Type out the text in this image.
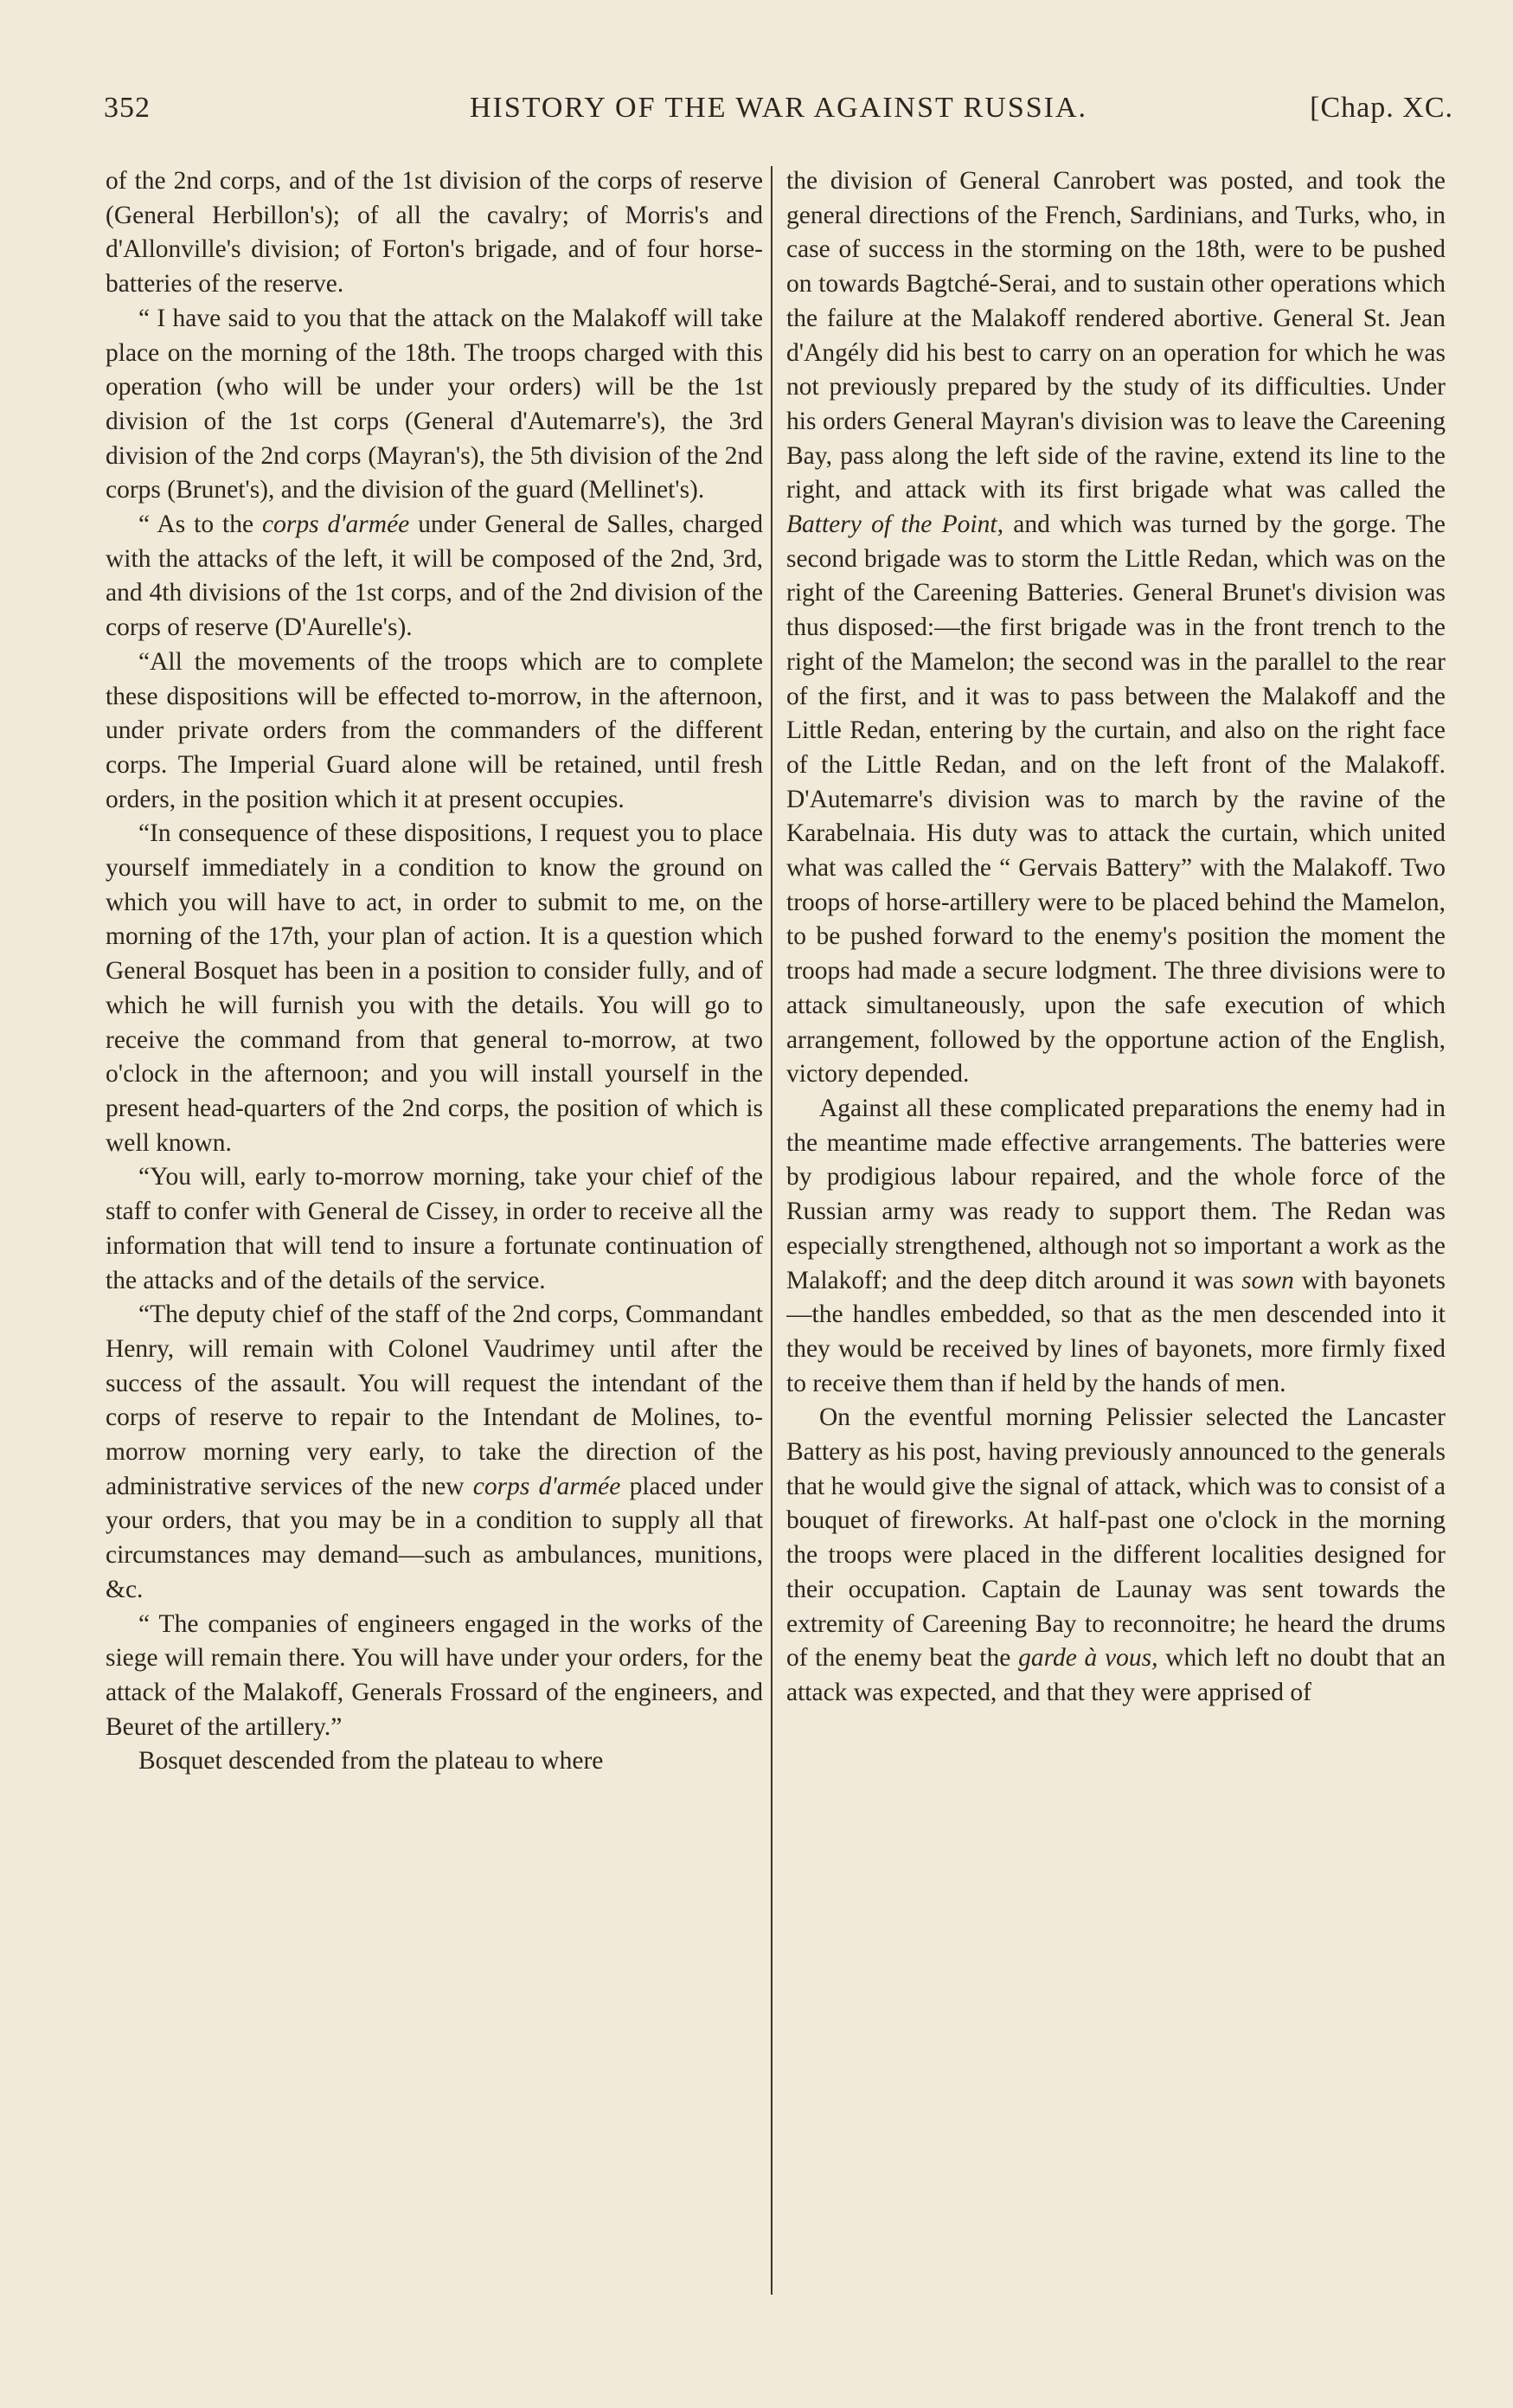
352	HISTORY OF THE WAR AGAINST RUSSIA.	[Chap. XC.

of the 2nd corps, and of the 1st division of the corps of reserve (General Herbillon's); of all the cavalry; of Morris's and d'Allonville's division; of Forton's brigade, and of four horse-batteries of the reserve.

“ I have said to you that the attack on the Malakoff will take place on the morning of the 18th. The troops charged with this operation (who will be under your orders) will be the 1st division of the 1st corps (General d'Autemarre's), the 3rd division of the 2nd corps (Mayran's), the 5th division of the 2nd corps (Brunet's), and the division of the guard (Mellinet's).

“ As to the corps d'armée under General de Salles, charged with the attacks of the left, it will be composed of the 2nd, 3rd, and 4th divisions of the 1st corps, and of the 2nd division of the corps of reserve (D'Aurelle's).

“All the movements of the troops which are to complete these dispositions will be effected to-morrow, in the afternoon, under private orders from the commanders of the different corps. The Imperial Guard alone will be retained, until fresh orders, in the position which it at present occupies.

“In consequence of these dispositions, I request you to place yourself immediately in a condition to know the ground on which you will have to act, in order to submit to me, on the morning of the 17th, your plan of action. It is a question which General Bosquet has been in a position to consider fully, and of which he will furnish you with the details. You will go to receive the command from that general to-morrow, at two o'clock in the afternoon; and you will install yourself in the present head-quarters of the 2nd corps, the position of which is well known.

“You will, early to-morrow morning, take your chief of the staff to confer with General de Cissey, in order to receive all the information that will tend to insure a fortunate continuation of the attacks and of the details of the service.

“The deputy chief of the staff of the 2nd corps, Commandant Henry, will remain with Colonel Vaudrimey until after the success of the assault. You will request the intendant of the corps of reserve to repair to the Intendant de Molines, to-morrow morning very early, to take the direction of the administrative services of the new corps d'armée placed under your orders, that you may be in a condition to supply all that circumstances may demand—such as ambulances, munitions, &c.

“ The companies of engineers engaged in the works of the siege will remain there. You will have under your orders, for the attack of the Malakoff, Generals Frossard of the engineers, and Beuret of the artillery.”

Bosquet descended from the plateau to where

the division of General Canrobert was posted, and took the general directions of the French, Sardinians, and Turks, who, in case of success in the storming on the 18th, were to be pushed on towards Bagtché-Serai, and to sustain other operations which the failure at the Malakoff rendered abortive. General St. Jean d'Angély did his best to carry on an operation for which he was not previously prepared by the study of its difficulties. Under his orders General Mayran's division was to leave the Careening Bay, pass along the left side of the ravine, extend its line to the right, and attack with its first brigade what was called the Battery of the Point, and which was turned by the gorge. The second brigade was to storm the Little Redan, which was on the right of the Careening Batteries. General Brunet's division was thus disposed:—the first brigade was in the front trench to the right of the Mamelon; the second was in the parallel to the rear of the first, and it was to pass between the Malakoff and the Little Redan, entering by the curtain, and also on the right face of the Little Redan, and on the left front of the Malakoff. D'Autemarre's division was to march by the ravine of the Karabelnaia. His duty was to attack the curtain, which united what was called the “ Gervais Battery” with the Malakoff. Two troops of horse-artillery were to be placed behind the Mamelon, to be pushed forward to the enemy's position the moment the troops had made a secure lodgment. The three divisions were to attack simultaneously, upon the safe execution of which arrangement, followed by the opportune action of the English, victory depended.

Against all these complicated preparations the enemy had in the meantime made effective arrangements. The batteries were by prodigious labour repaired, and the whole force of the Russian army was ready to support them. The Redan was especially strengthened, although not so important a work as the Malakoff; and the deep ditch around it was sown with bayonets—the handles embedded, so that as the men descended into it they would be received by lines of bayonets, more firmly fixed to receive them than if held by the hands of men.

On the eventful morning Pelissier selected the Lancaster Battery as his post, having previously announced to the generals that he would give the signal of attack, which was to consist of a bouquet of fireworks. At half-past one o'clock in the morning the troops were placed in the different localities designed for their occupation. Captain de Launay was sent towards the extremity of Careening Bay to reconnoitre; he heard the drums of the enemy beat the garde à vous, which left no doubt that an attack was expected, and that they were apprised of
